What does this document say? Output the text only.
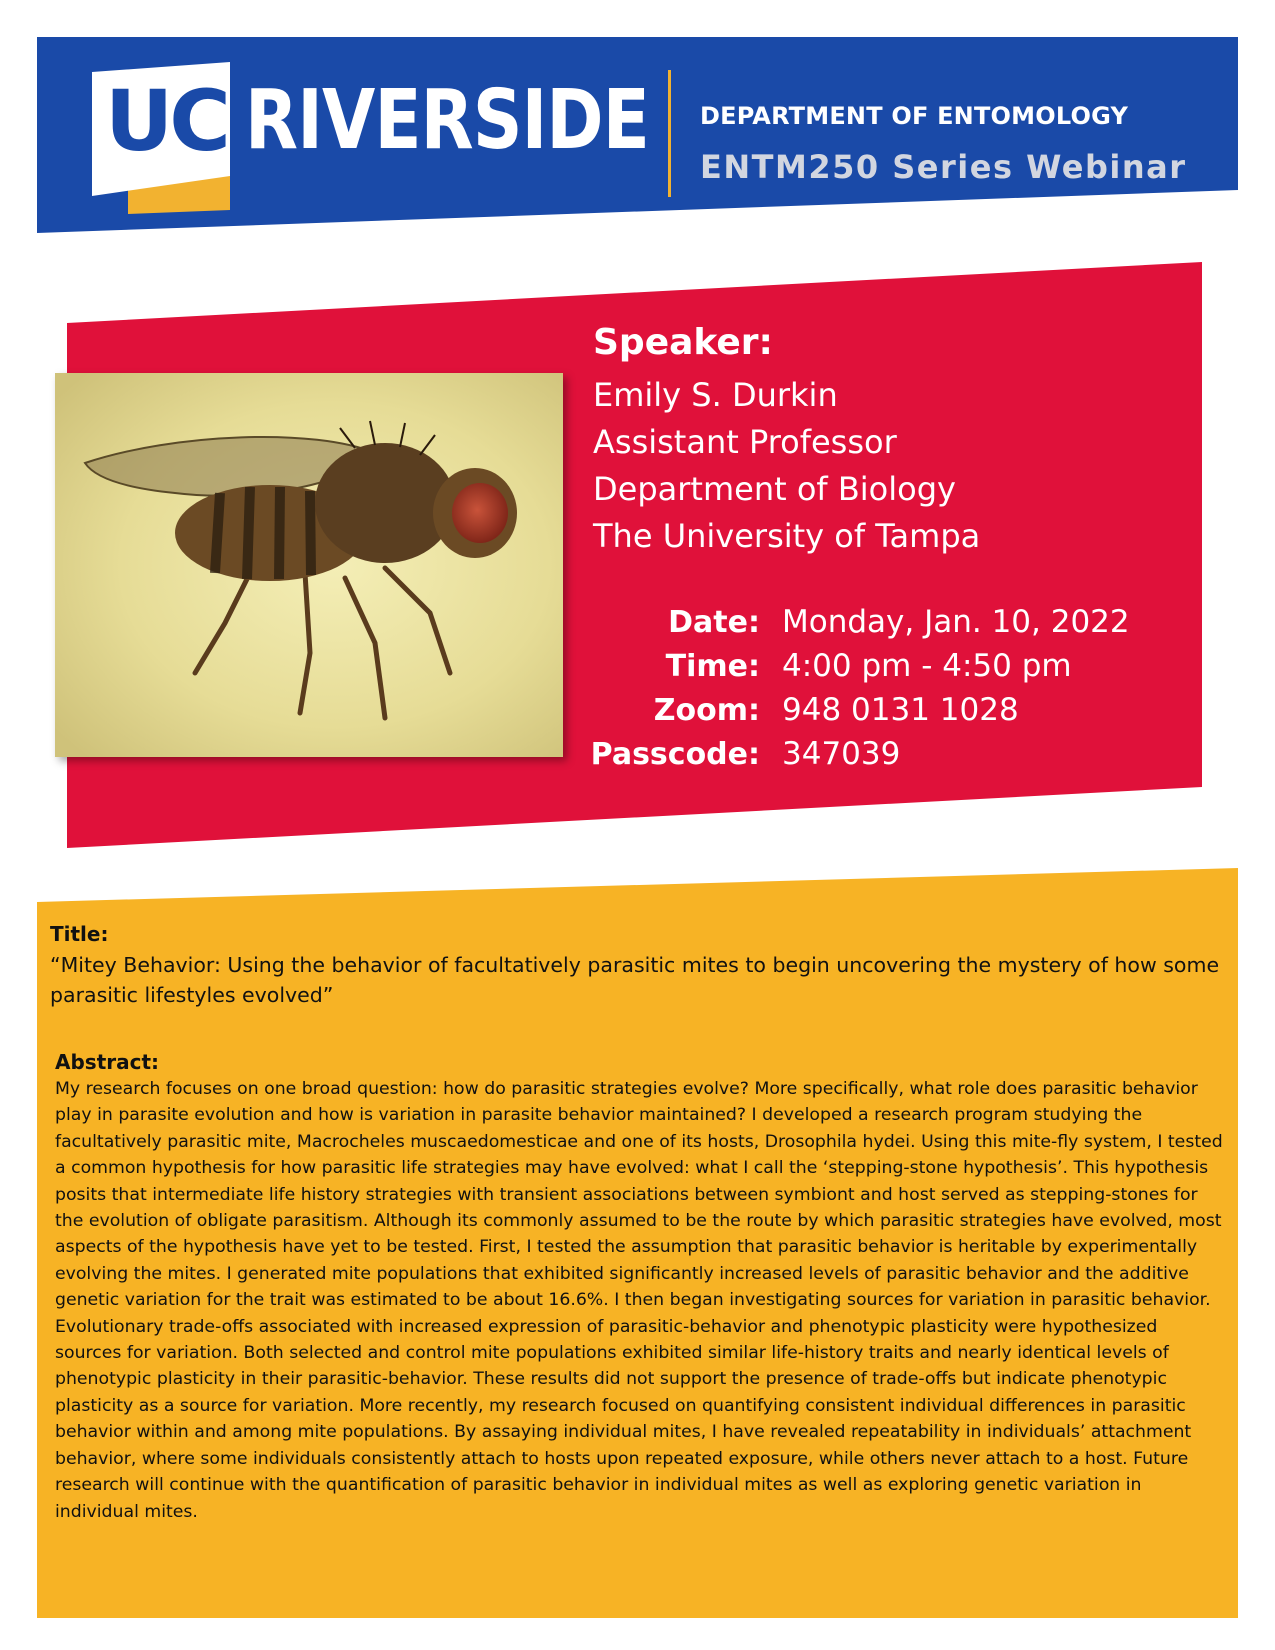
UC RIVERSIDE DEPARTMENT OF ENTOMOLOGY
ENTM250 Series Webinar
Speaker:
Emily S. Durkin
Assistant Professor
Department of Biology
The University of Tampa
Date: Monday, Jan. 10, 2022
Time: 4:00 pm - 4:50 pm
Zoom: 948 0131 1028
Passcode: 347039
Title:
“Mitey Behavior: Using the behavior of facultatively parasitic mites to begin uncovering the mystery of how some parasitic lifestyles evolved”
Abstract:

My research focuses on one broad question: how do parasitic strategies evolve? More specifically, what role does parasitic behavior play in parasite evolution and how is variation in parasite behavior maintained? I developed a research program studying the facultatively parasitic mite, Macrocheles muscaedomesticae and one of its hosts, Drosophila hydei. Using this mite-fly system, I tested a common hypothesis for how parasitic life strategies may have evolved: what I call the ‘stepping-stone hypothesis’. This hypothesis posits that intermediate life history strategies with transient associations between symbiont and host served as stepping-stones for the evolution of obligate parasitism. Although its commonly assumed to be the route by which parasitic strategies have evolved, most aspects of the hypothesis have yet to be tested. First, I tested the assumption that parasitic behavior is heritable by experimentally evolving the mites. I generated mite populations that exhibited significantly increased levels of parasitic behavior and the additive genetic variation for the trait was estimated to be about 16.6%. I then began investigating sources for variation in parasitic behavior. Evolutionary trade-offs associated with increased expression of parasitic-behavior and phenotypic plasticity were hypothesized sources for variation. Both selected and control mite populations exhibited similar life-history traits and nearly identical levels of phenotypic plasticity in their parasitic-behavior. These results did not support the presence of trade-offs but indicate phenotypic plasticity as a source for variation. More recently, my research focused on quantifying consistent individual differences in parasitic behavior within and among mite populations. By assaying individual mites, I have revealed repeatability in individuals’ attachment behavior, where some individuals consistently attach to hosts upon repeated exposure, while others never attach to a host. Future research will continue with the quantification of parasitic behavior in individual mites as well as exploring genetic variation in individual mites.
